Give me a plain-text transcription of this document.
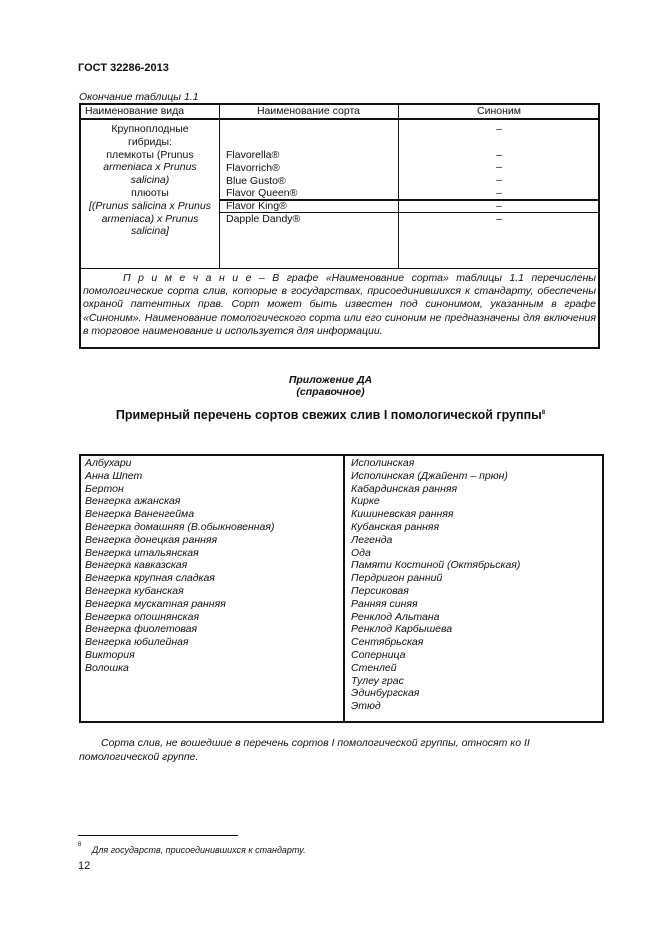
ГОСТ 32286-2013
Окончание таблицы 1.1
Наименование вида	Наименование сорта	Синоним
Крупноплодные
гибриды:
племкоты (Prunus
armeniaca x Prunus
salicina)
плюоты
[(Prunus salicina x Prunus
armeniaca) x Prunus
salicina]
Flavorella®
Flavorrich®
Blue Gusto®
Flavor Queen®
Flavor King®
Dapple Dandy®
–
–
–
–
–
–
–
П р и м е ч а н и е – В графе «Наименование сорта» таблицы 1.1 перечислены помологические сорта слив, которые в государствах, присоединившихся к стандарту, обеспечены охраной патентных прав. Сорт может быть известен под синонимом, указанным в графе «Синоним». Наименование помологического сорта или его синоним не предназначены для включения в торговое наименование и используется для информации.
Приложение ДА
(справочное)
Примерный перечень сортов свежих слив I помологической группы$^8$
Албухари
Анна Шпет
Бертон
Венгерка ажанская
Венгерка Ваненгейма
Венгерка домашняя (В.обыкновенная)
Венгерка донецкая ранняя
Венгерка итальянская
Венгерка кавказская
Венгерка крупная сладкая
Венгерка кубанская
Венгерка мускатная ранняя
Венгерка опошнянская
Венгерка фиолетовая
Венгерка юбилейная
Виктория
Волошка
Исполинская
Исполинская (Джайент – прюн)
Кабардинская ранняя
Кирке
Кишиневская ранняя
Кубанская ранняя
Легенда
Ода
Памяти Костиной (Октябрьская)
Пердригон ранний
Персиковая
Ранняя синяя
Ренклод Альтана
Ренклод Карбышева
Сентябрьская
Соперница
Стенлей
Тулеу грас
Эдинбургская
Этюд
Сорта слив, не вошедшие в перечень сортов I помологической группы, относят ко II помологической группе.
8 Для государств, присоединившихся к стандарту.
12
